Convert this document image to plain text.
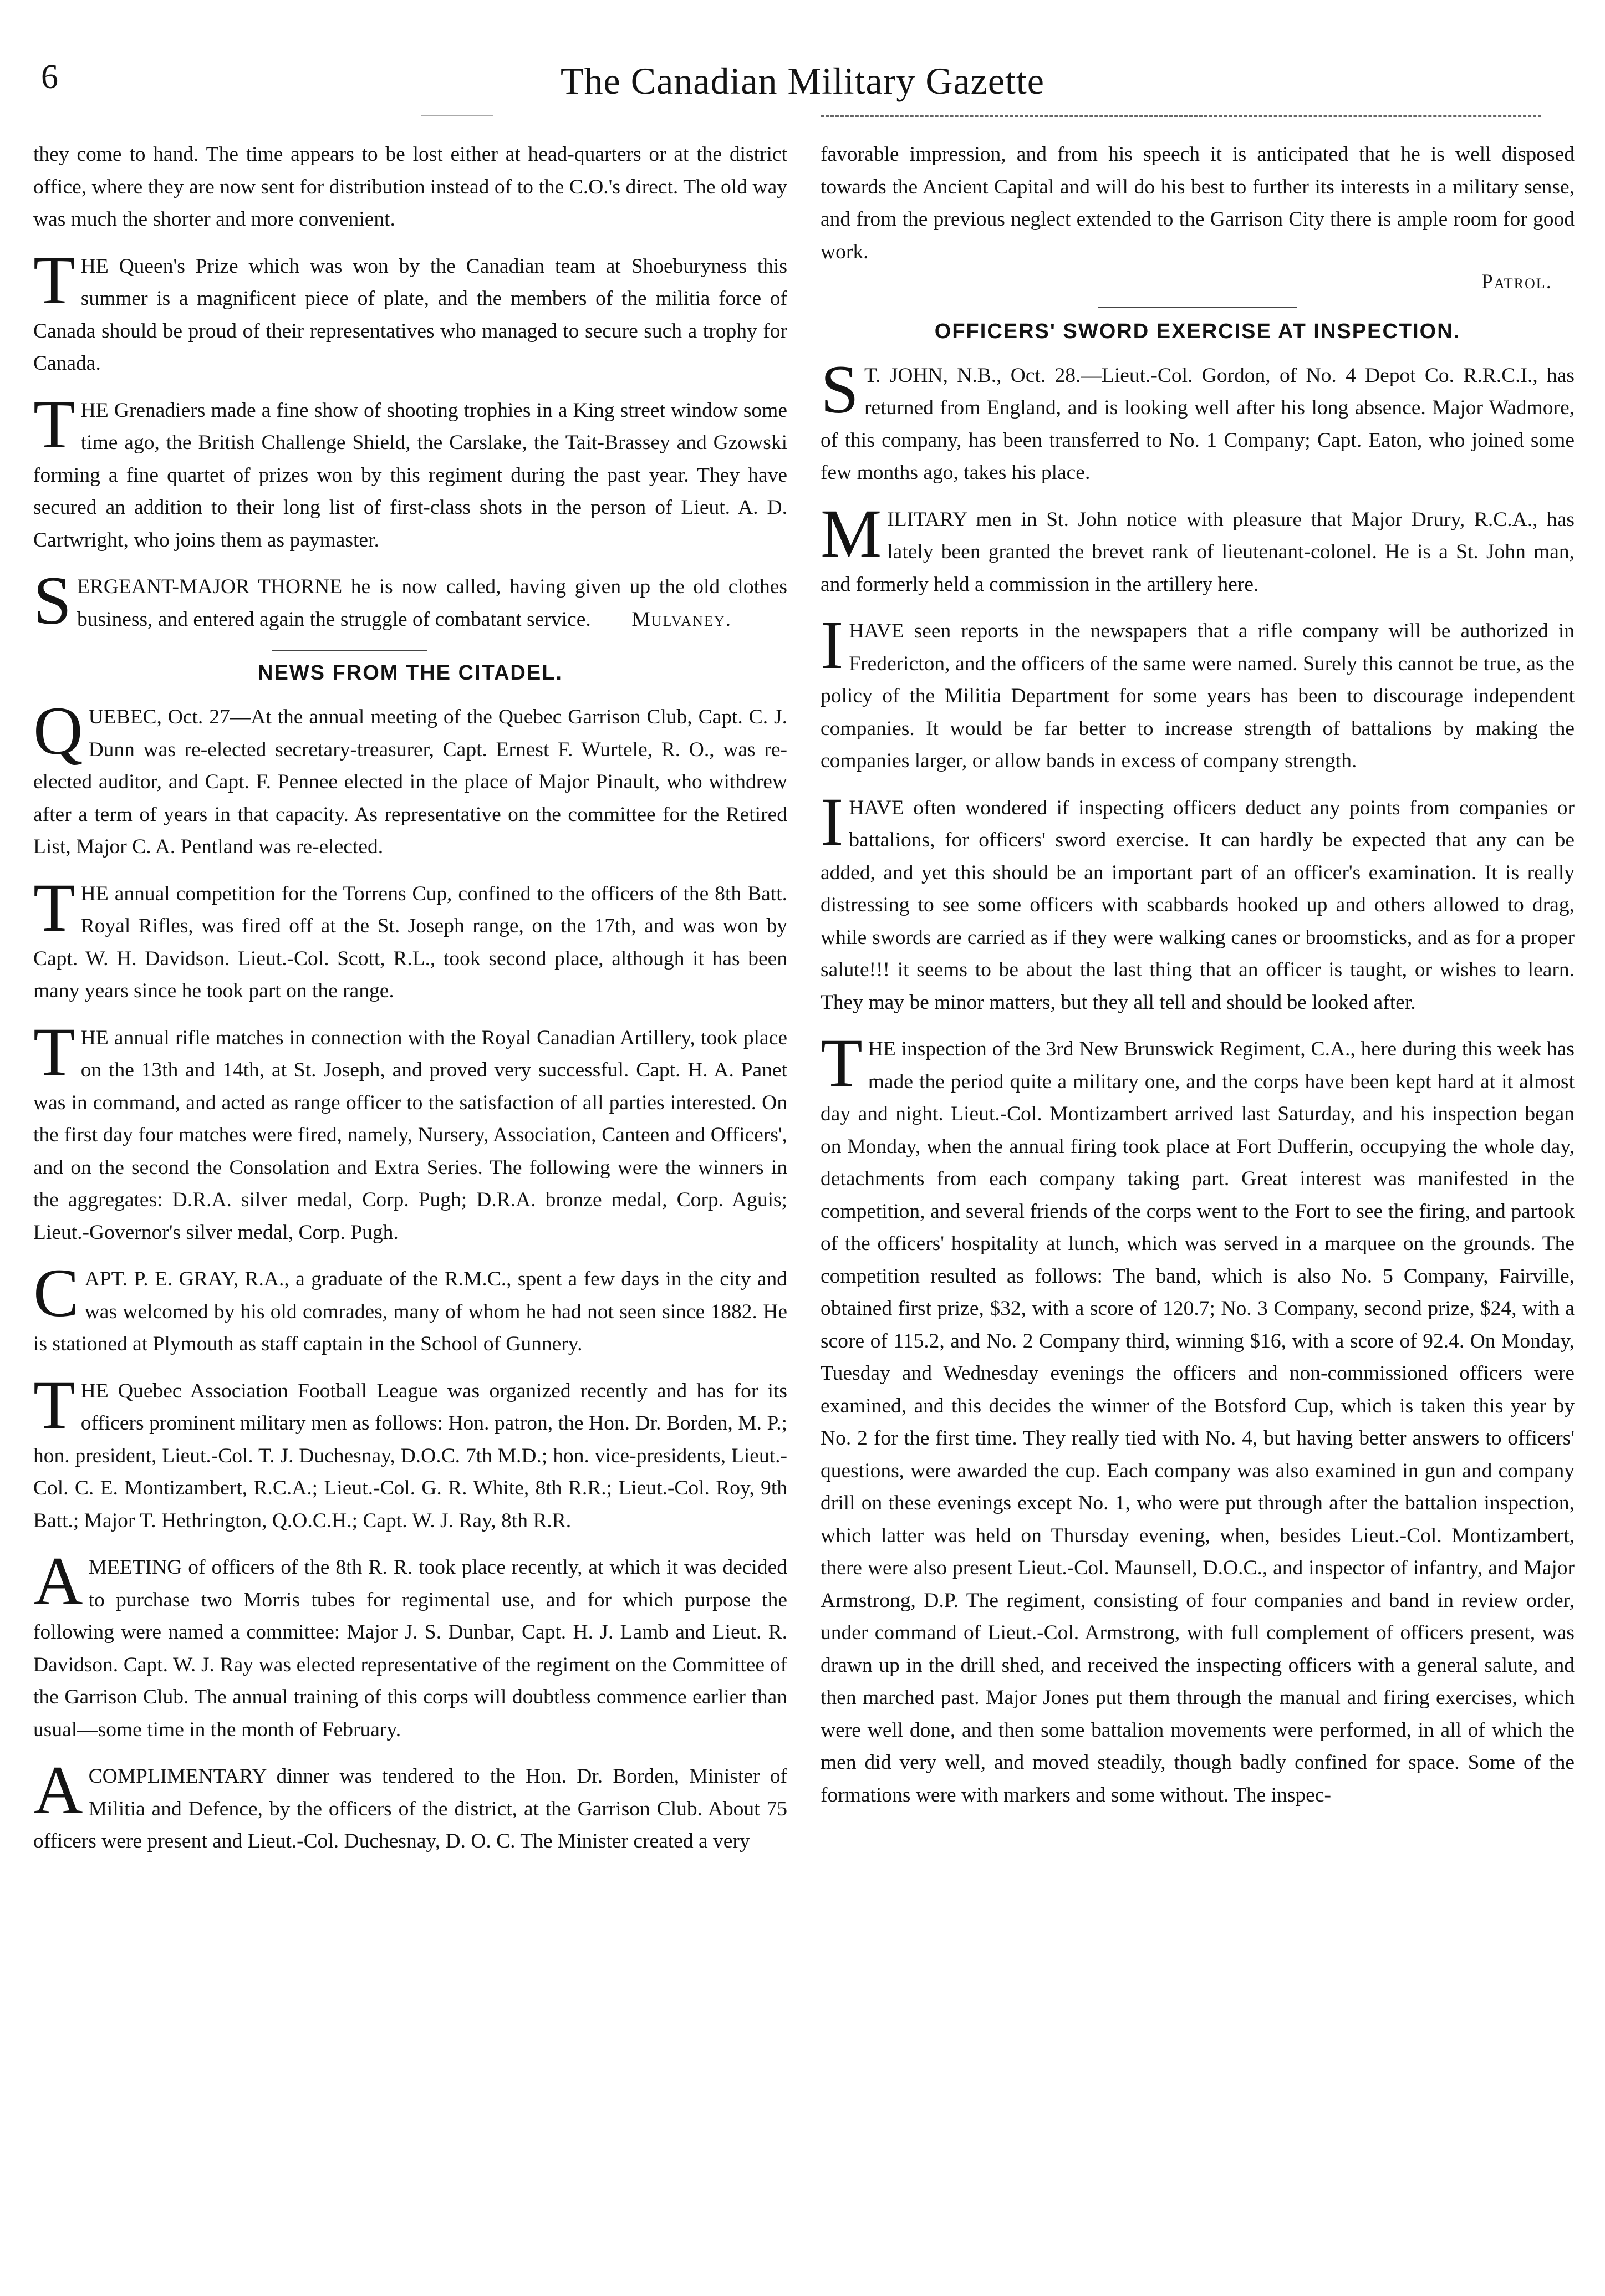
6	The Canadian Military Gazette

they come to hand. The time appears to be lost either at head-quarters or at the district office, where they are now sent for distribution instead of to the C.O.'s direct. The old way was much the shorter and more convenient.

THE Queen's Prize which was won by the Canadian team at Shoeburyness this summer is a magnificent piece of plate, and the members of the militia force of Canada should be proud of their representatives who managed to secure such a trophy for Canada.

THE Grenadiers made a fine show of shooting trophies in a King street window some time ago, the British Challenge Shield, the Carslake, the Tait-Brassey and Gzowski forming a fine quartet of prizes won by this regiment during the past year. They have secured an addition to their long list of first-class shots in the person of Lieut. A. D. Cartwright, who joins them as paymaster.

SERGEANT-MAJOR THORNE he is now called, having given up the old clothes business, and entered again the struggle of combatant service. Mulvaney.

NEWS FROM THE CITADEL.

QUEBEC, Oct. 27—At the annual meeting of the Quebec Garrison Club, Capt. C. J. Dunn was re-elected secretary-treasurer, Capt. Ernest F. Wurtele, R. O., was re-elected auditor, and Capt. F. Pennee elected in the place of Major Pinault, who withdrew after a term of years in that capacity. As representative on the committee for the Retired List, Major C. A. Pentland was re-elected.

THE annual competition for the Torrens Cup, confined to the officers of the 8th Batt. Royal Rifles, was fired off at the St. Joseph range, on the 17th, and was won by Capt. W. H. Davidson. Lieut.-Col. Scott, R.L., took second place, although it has been many years since he took part on the range.

THE annual rifle matches in connection with the Royal Canadian Artillery, took place on the 13th and 14th, at St. Joseph, and proved very successful. Capt. H. A. Panet was in command, and acted as range officer to the satisfaction of all parties interested. On the first day four matches were fired, namely, Nursery, Association, Canteen and Officers', and on the second the Consolation and Extra Series. The following were the winners in the aggregates: D.R.A. silver medal, Corp. Pugh; D.R.A. bronze medal, Corp. Aguis; Lieut.-Governor's silver medal, Corp. Pugh.

CAPT. P. E. GRAY, R.A., a graduate of the R.M.C., spent a few days in the city and was welcomed by his old comrades, many of whom he had not seen since 1882. He is stationed at Plymouth as staff captain in the School of Gunnery.

THE Quebec Association Football League was organized recently and has for its officers prominent military men as follows: Hon. patron, the Hon. Dr. Borden, M. P.; hon. president, Lieut.-Col. T. J. Duchesnay, D.O.C. 7th M.D.; hon. vice-presidents, Lieut.-Col. C. E. Montizambert, R.C.A.; Lieut.-Col. G. R. White, 8th R.R.; Lieut.-Col. Roy, 9th Batt.; Major T. Hethrington, Q.O.C.H.; Capt. W. J. Ray, 8th R.R.

AMEETING of officers of the 8th R. R. took place recently, at which it was decided to purchase two Morris tubes for regimental use, and for which purpose the following were named a committee: Major J. S. Dunbar, Capt. H. J. Lamb and Lieut. R. Davidson. Capt. W. J. Ray was elected representative of the regiment on the Committee of the Garrison Club. The annual training of this corps will doubtless commence earlier than usual—some time in the month of February.

ACOMPLIMENTARY dinner was tendered to the Hon. Dr. Borden, Minister of Militia and Defence, by the officers of the district, at the Garrison Club. About 75 officers were present and Lieut.-Col. Duchesnay, D. O. C. The Minister created a very

favorable impression, and from his speech it is anticipated that he is well disposed towards the Ancient Capital and will do his best to further its interests in a military sense, and from the previous neglect extended to the Garrison City there is ample room for good work.

Patrol.
OFFICERS' SWORD EXERCISE AT INSPECTION.

S T. JOHN, N.B., Oct. 28.—Lieut.-Col. Gordon, of No. 4 Depot Co. R.R.C.I., has returned from England, and is looking well after his long absence. Major Wadmore, of this company, has been transferred to No. 1 Company; Capt. Eaton, who joined some few months ago, takes his place.

MILITARY men in St. John notice with pleasure that Major Drury, R.C.A., has lately been granted the brevet rank of lieutenant-colonel. He is a St. John man, and formerly held a commission in the artillery here.

IHAVE seen reports in the newspapers that a rifle company will be authorized in Fredericton, and the officers of the same were named. Surely this cannot be true, as the policy of the Militia Department for some years has been to discourage independent companies. It would be far better to increase strength of battalions by making the companies larger, or allow bands in excess of company strength.

IHAVE often wondered if inspecting officers deduct any points from companies or battalions, for officers' sword exercise. It can hardly be expected that any can be added, and yet this should be an important part of an officer's examination. It is really distressing to see some officers with scabbards hooked up and others allowed to drag, while swords are carried as if they were walking canes or broomsticks, and as for a proper salute!!! it seems to be about the last thing that an officer is taught, or wishes to learn. They may be minor matters, but they all tell and should be looked after.

THE inspection of the 3rd New Brunswick Regiment, C.A., here during this week has made the period quite a military one, and the corps have been kept hard at it almost day and night. Lieut.-Col. Montizambert arrived last Saturday, and his inspection began on Monday, when the annual firing took place at Fort Dufferin, occupying the whole day, detachments from each company taking part. Great interest was manifested in the competition, and several friends of the corps went to the Fort to see the firing, and partook of the officers' hospitality at lunch, which was served in a marquee on the grounds. The competition resulted as follows: The band, which is also No. 5 Company, Fairville, obtained first prize, $32, with a score of 120.7; No. 3 Company, second prize, $24, with a score of 115.2, and No. 2 Company third, winning $16, with a score of 92.4. On Monday, Tuesday and Wednesday evenings the officers and non-commissioned officers were examined, and this decides the winner of the Botsford Cup, which is taken this year by No. 2 for the first time. They really tied with No. 4, but having better answers to officers' questions, were awarded the cup. Each company was also examined in gun and company drill on these evenings except No. 1, who were put through after the battalion inspection, which latter was held on Thursday evening, when, besides Lieut.-Col. Montizambert, there were also present Lieut.-Col. Maunsell, D.O.C., and inspector of infantry, and Major Armstrong, D.P. The regiment, consisting of four companies and band in review order, under command of Lieut.-Col. Armstrong, with full complement of officers present, was drawn up in the drill shed, and received the inspecting officers with a general salute, and then marched past. Major Jones put them through the manual and firing exercises, which were well done, and then some battalion movements were performed, in all of which the men did very well, and moved steadily, though badly confined for space. Some of the formations were with markers and some without. The inspec-
